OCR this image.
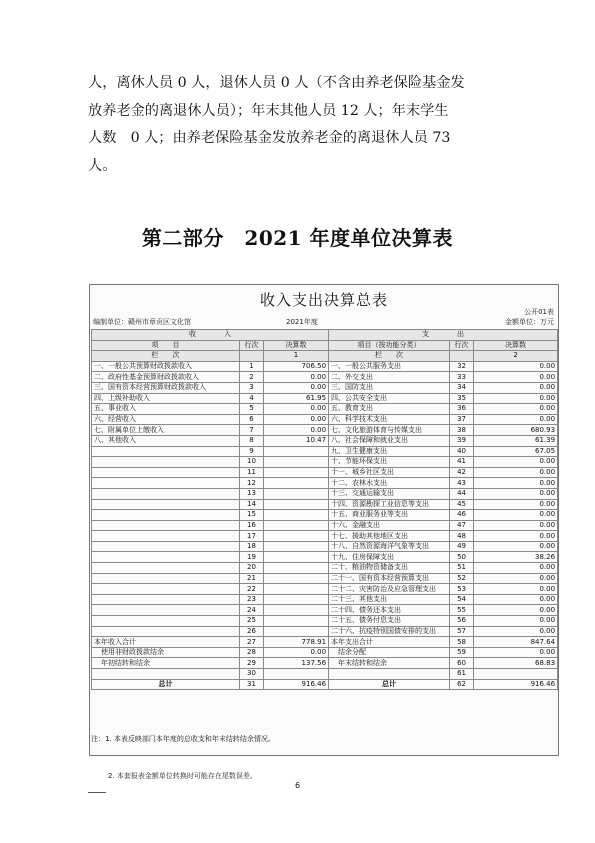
人，离休人员 0 人，退休人员 0 人（不含由养老保险基金发

放养老金的离退休人员）；年末其他人员 12 人；年末学生

人数　0 人；由养老保险基金发放养老金的离退休人员 73

人。

第二部分　2021 年度单位决算表
收入支出决算总表
公开01表
金额单位：万元
编制单位：赣州市章贡区文化馆	2021年度
收　　　　入			支　　　　出		
项　　目	行次	决算数	项目（按功能分类）	行次	决算数
栏　　次		1	栏　　次		2
一、一般公共预算财政拨款收入	1	706.50	一、一般公共服务支出	32	0.00
二、政府性基金预算财政拨款收入	2	0.00	二、外交支出	33	0.00
三、国有资本经营预算财政拨款收入	3	0.00	三、国防支出	34	0.00
四、上级补助收入	4	61.95	四、公共安全支出	35	0.00
五、事业收入	5	0.00	五、教育支出	36	0.00
六、经营收入	6	0.00	六、科学技术支出	37	0.00
七、附属单位上缴收入	7	0.00	七、文化旅游体育与传媒支出	38	680.93
八、其他收入	8	10.47	八、社会保障和就业支出	39	61.39
	9		九、卫生健康支出	40	67.05
	10		十、节能环保支出	41	0.00
	11		十一、城乡社区支出	42	0.00
	12		十二、农林水支出	43	0.00
	13		十三、交通运输支出	44	0.00
	14		十四、资源勘探工业信息等支出	45	0.00
	15		十五、商业服务业等支出	46	0.00
	16		十六、金融支出	47	0.00
	17		十七、援助其他地区支出	48	0.00
	18		十八、自然资源海洋气象等支出	49	0.00
	19		十九、住房保障支出	50	38.26
	20		二十、粮油物资储备支出	51	0.00
	21		二十一、国有资本经营预算支出	52	0.00
	22		二十二、灾害防治及应急管理支出	53	0.00
	23		二十三、其他支出	54	0.00
	24		二十四、债务还本支出	55	0.00
	25		二十五、债务付息支出	56	0.00
	26		二十六、抗疫特别国债安排的支出	57	0.00
本年收入合计	27	778.91	本年支出合计	58	847.64
　使用非财政拨款结余	28	0.00	　结余分配	59	0.00
　年初结转和结余	29	137.56	　年末结转和结余	60	68.83
	30			61	
总计	31	916.46	总计	62	916.46
注：1. 本表反映部门本年度的总收支和年末结转结余情况。
2. 本套报表金额单位转换时可能存在尾数误差。
6
